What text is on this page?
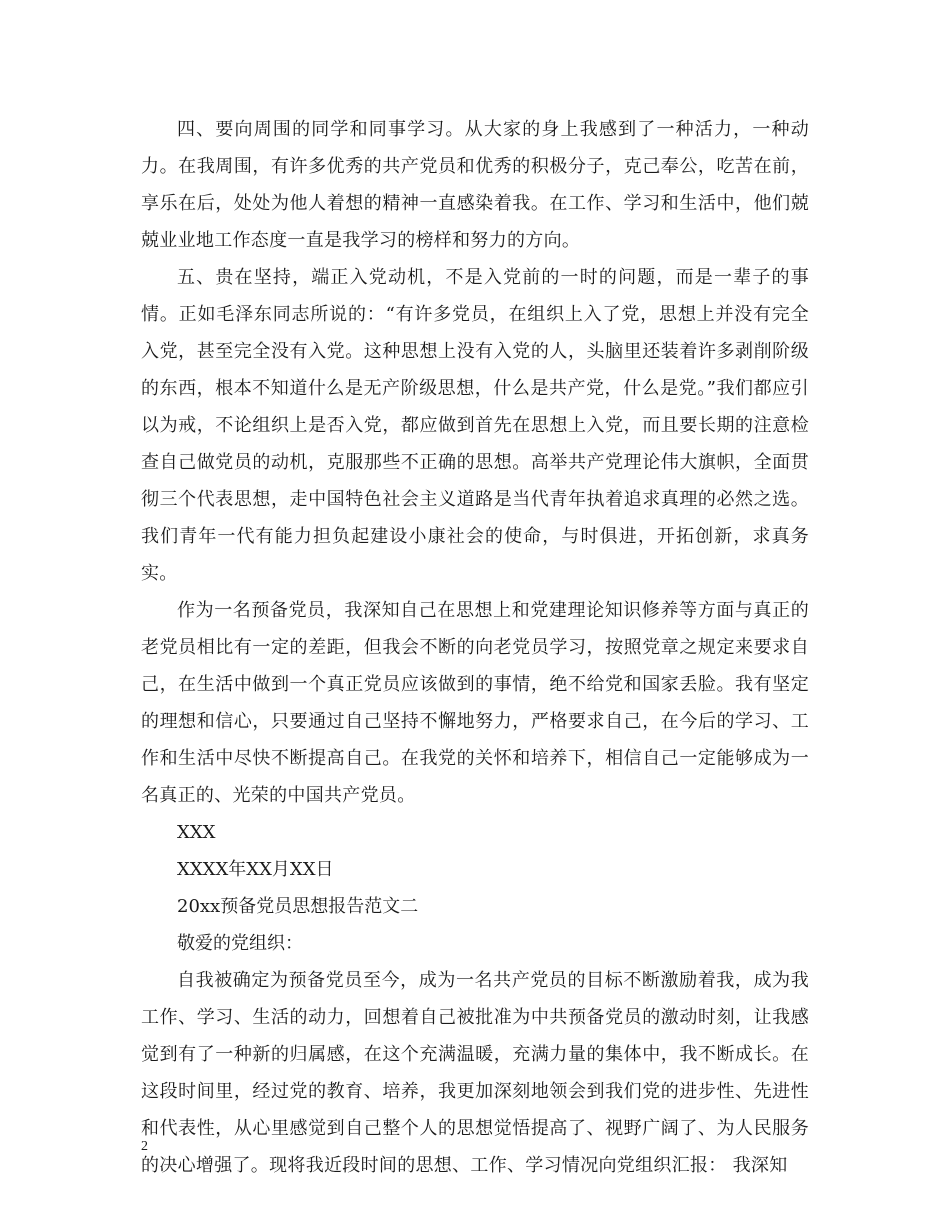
四、要向周围的同学和同事学习。从大家的身上我感到了一种活力，一种动力。在我周围，有许多优秀的共产党员和优秀的积极分子，克己奉公，吃苦在前，享乐在后，处处为他人着想的精神一直感染着我。在工作、学习和生活中，他们兢兢业业地工作态度一直是我学习的榜样和努力的方向。

五、贵在坚持，端正入党动机，不是入党前的一时的问题，而是一辈子的事情。正如毛泽东同志所说的：“有许多党员，在组织上入了党，思想上并没有完全入党，甚至完全没有入党。这种思想上没有入党的人，头脑里还装着许多剥削阶级的东西，根本不知道什么是无产阶级思想，什么是共产党，什么是党。”我们都应引以为戒，不论组织上是否入党，都应做到首先在思想上入党，而且要长期的注意检查自己做党员的动机，克服那些不正确的思想。高举共产党理论伟大旗帜，全面贯彻三个代表思想，走中国特色社会主义道路是当代青年执着追求真理的必然之选。我们青年一代有能力担负起建设小康社会的使命，与时俱进，开拓创新，求真务实。

作为一名预备党员，我深知自己在思想上和党建理论知识修养等方面与真正的老党员相比有一定的差距，但我会不断的向老党员学习，按照党章之规定来要求自己，在生活中做到一个真正党员应该做到的事情，绝不给党和国家丢脸。我有坚定的理想和信心，只要通过自己坚持不懈地努力，严格要求自己，在今后的学习、工作和生活中尽快不断提高自己。在我党的关怀和培养下，相信自己一定能够成为一名真正的、光荣的中国共产党员。

XXX

XXXX年XX月XX日

20xx预备党员思想报告范文二

敬爱的党组织：

自我被确定为预备党员至今，成为一名共产党员的目标不断激励着我，成为我工作、学习、生活的动力，回想着自己被批准为中共预备党员的激动时刻，让我感觉到有了一种新的归属感，在这个充满温暖，充满力量的集体中，我不断成长。在这段时间里，经过党的教育、培养，我更加深刻地领会到我们党的进步性、先进性和代表性，从心里感觉到自己整个人的思想觉悟提高了、视野广阔了、为人民服务的决心增强了。现将我近段时间的思想、工作、学习情况向党组织汇报： 我深知

2
